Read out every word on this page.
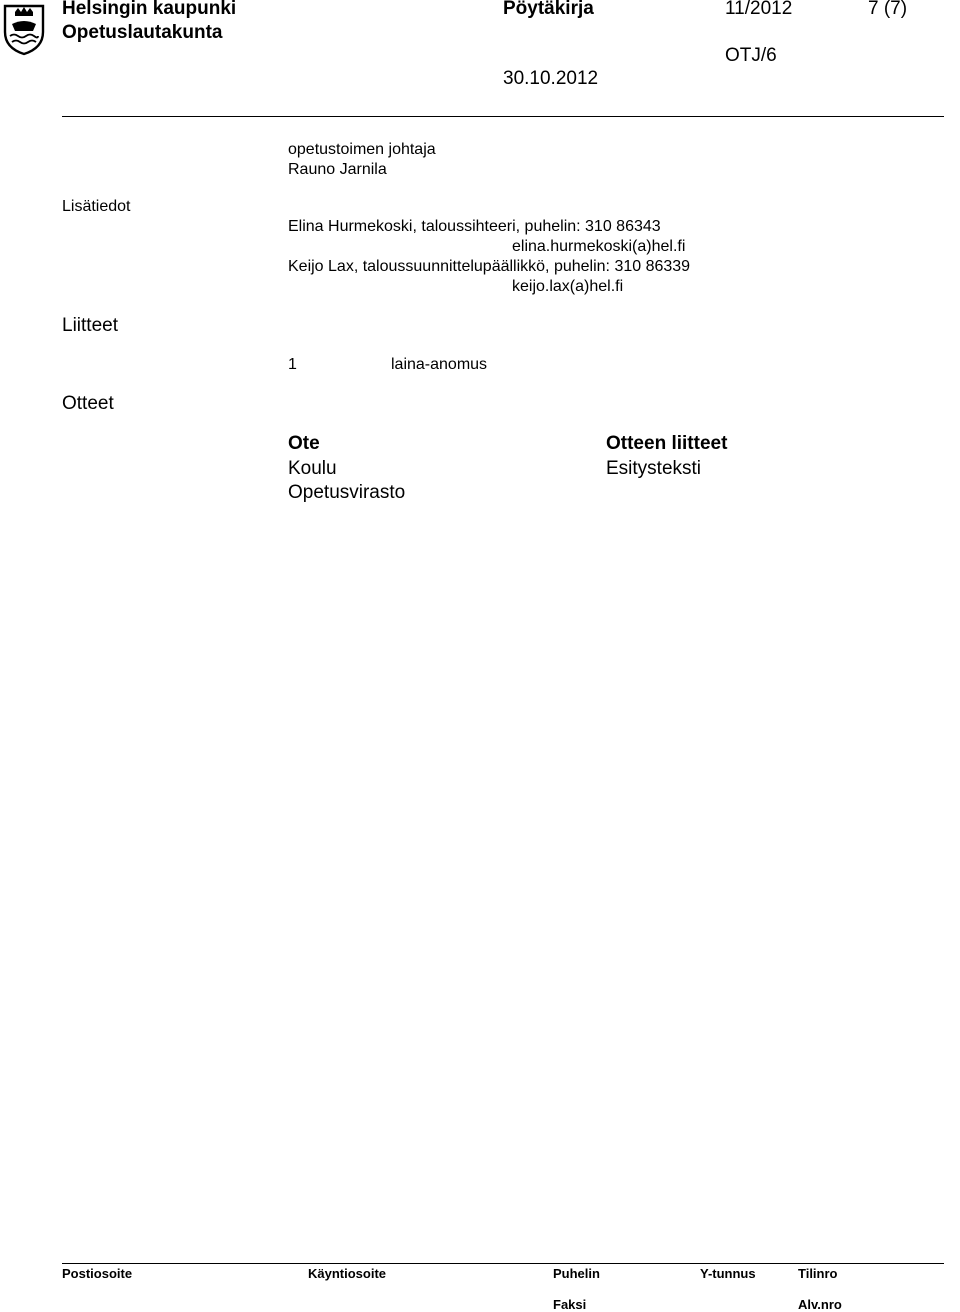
Helsingin kaupunki
Opetuslautakunta
Pöytäkirja	11/2012	7 (7)
OTJ/6
30.10.2012
opetustoimen johtaja
Rauno Jarnila
Lisätiedot
Elina Hurmekoski, taloussihteeri, puhelin: 310 86343
elina.hurmekoski(a)hel.fi
Keijo Lax, taloussuunnittelupäällikkö, puhelin: 310 86339
keijo.lax(a)hel.fi
Liitteet
1	laina-anomus
Otteet
Ote	Otteen liitteet
Koulu	Esitysteksti
Opetusvirasto
Postiosoite	Käyntiosoite	Puhelin	Y-tunnus	Tilinro
Faksi	Alv.nro
